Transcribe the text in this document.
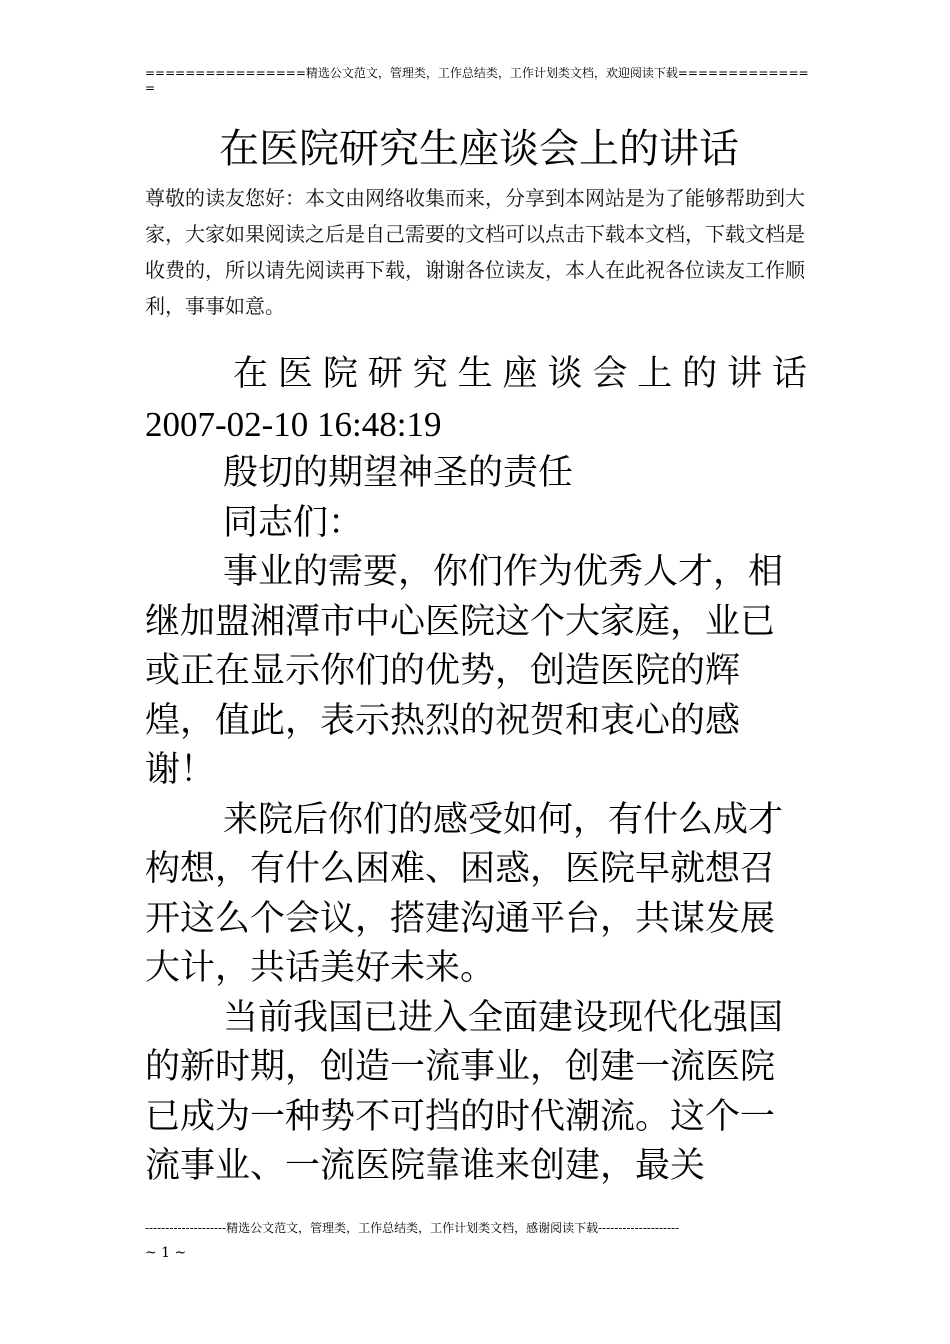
================精选公文范文，管理类，工作总结类，工作计划类文档，欢迎阅读下载==============
在医院研究生座谈会上的讲话
尊敬的读友您好：本文由网络收集而来，分享到本网站是为了能够帮助到大家，大家如果阅读之后是自己需要的文档可以点击下载本文档，下载文档是收费的，所以请先阅读再下载，谢谢各位读友，本人在此祝各位读友工作顺利，事事如意。

在医院研究生座谈会上的讲话

2007-02-10 16:48:19

殷切的期望神圣的责任

同志们：

事业的需要，你们作为优秀人才，相继加盟湘潭市中心医院这个大家庭，业已或正在显示你们的优势，创造医院的辉煌，值此，表示热烈的祝贺和衷心的感谢！

来院后你们的感受如何，有什么成才构想，有什么困难、困惑，医院早就想召开这么个会议，搭建沟通平台，共谋发展大计，共话美好未来。

当前我国已进入全面建设现代化强国的新时期，创造一流事业，创建一流医院已成为一种势不可挡的时代潮流。这个一流事业、一流医院靠谁来创建，最关

--------------------精选公文范文，管理类，工作总结类，工作计划类文档，感谢阅读下载--------------------
~ 1 ~
